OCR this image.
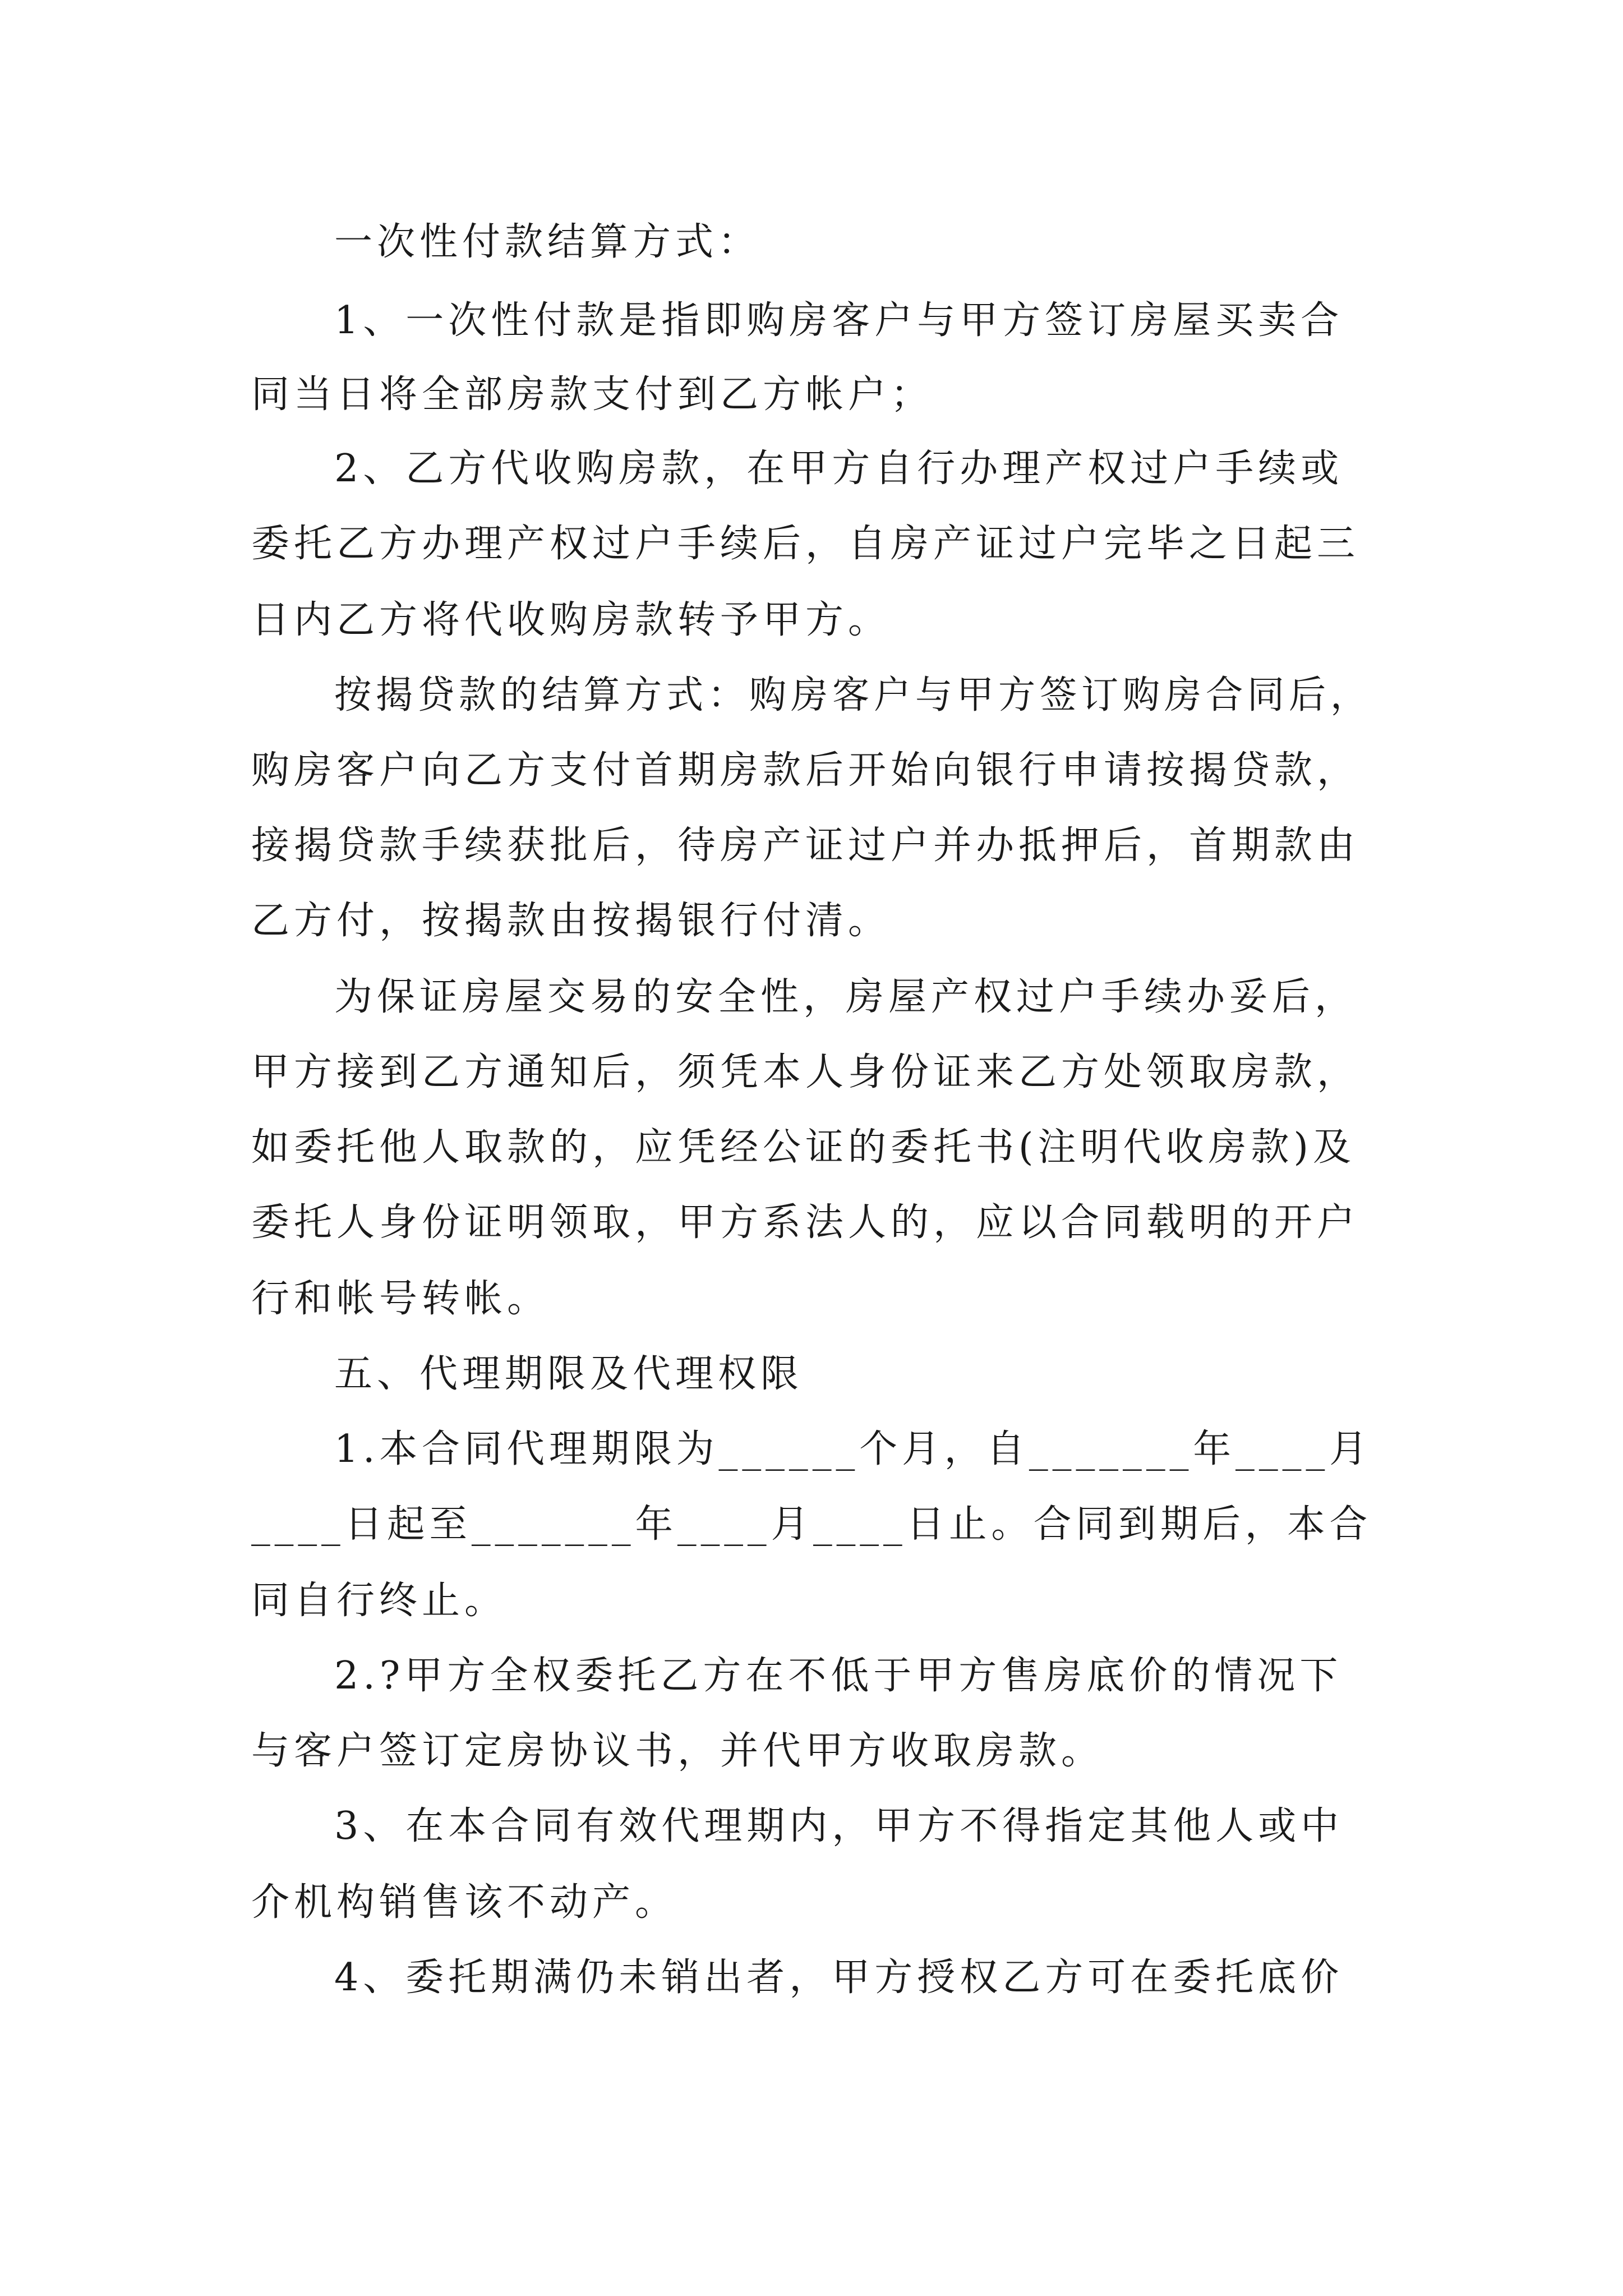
一次性付款结算方式：

1、一次性付款是指即购房客户与甲方签订房屋买卖合

同当日将全部房款支付到乙方帐户；

2、乙方代收购房款，在甲方自行办理产权过户手续或

委托乙方办理产权过户手续后，自房产证过户完毕之日起三

日内乙方将代收购房款转予甲方。

按揭贷款的结算方式：购房客户与甲方签订购房合同后，

购房客户向乙方支付首期房款后开始向银行申请按揭贷款，

接揭贷款手续获批后，待房产证过户并办抵押后，首期款由

乙方付，按揭款由按揭银行付清。

为保证房屋交易的安全性，房屋产权过户手续办妥后，

甲方接到乙方通知后，须凭本人身份证来乙方处领取房款，

如委托他人取款的，应凭经公证的委托书(注明代收房款)及

委托人身份证明领取，甲方系法人的，应以合同载明的开户

行和帐号转帐。

五、代理期限及代理权限

1.本合同代理期限为______个月，自_______年____月

____日起至_______年____月____日止。合同到期后，本合

同自行终止。

2.?甲方全权委托乙方在不低于甲方售房底价的情况下

与客户签订定房协议书，并代甲方收取房款。

3、在本合同有效代理期内，甲方不得指定其他人或中

介机构销售该不动产。

4、委托期满仍未销出者，甲方授权乙方可在委托底价
